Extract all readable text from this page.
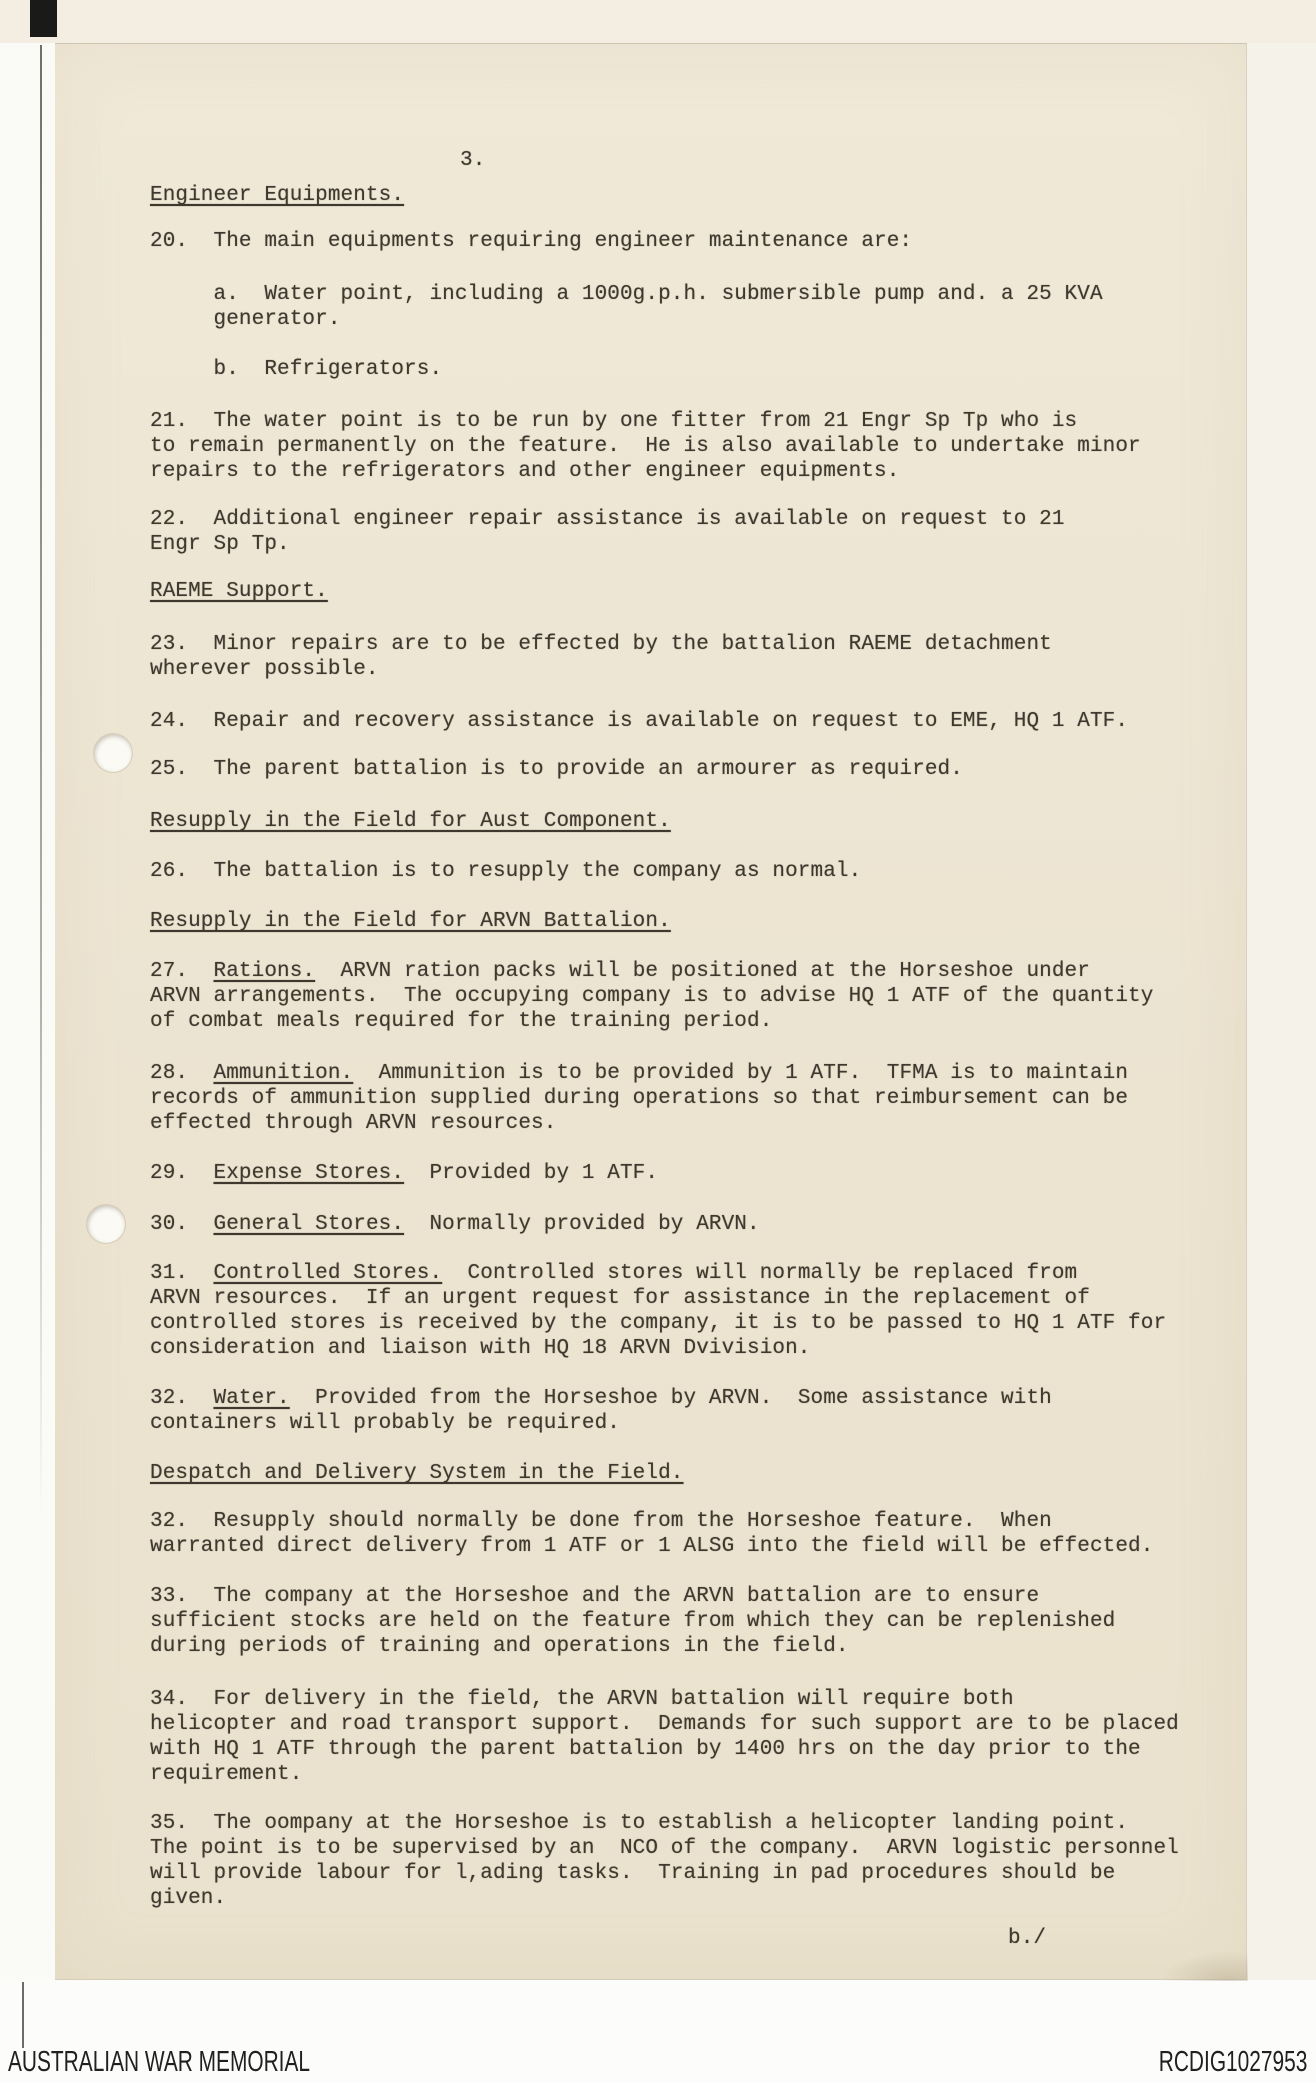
3.
Engineer Equipments.
20.  The main equipments requiring engineer maintenance are:
a.  Water point, including a 1000g.p.h. submersible pump and. a 25 KVA
generator.
b.  Refrigerators.
21.  The water point is to be run by one fitter from 21 Engr Sp Tp who is
to remain permanently on the feature.  He is also available to undertake minor
repairs to the refrigerators and other engineer equipments.
22.  Additional engineer repair assistance is available on request to 21
Engr Sp Tp.
RAEME Support.
23.  Minor repairs are to be effected by the battalion RAEME detachment
wherever possible.
24.  Repair and recovery assistance is available on request to EME, HQ 1 ATF.
25.  The parent battalion is to provide an armourer as required.
Resupply in the Field for Aust Component.
26.  The battalion is to resupply the company as normal.
Resupply in the Field for ARVN Battalion.
27.  Rations.  ARVN ration packs will be positioned at the Horseshoe under
ARVN arrangements.  The occupying company is to advise HQ 1 ATF of the quantity
of combat meals required for the training period.
28.  Ammunition.  Ammunition is to be provided by 1 ATF.  TFMA is to maintain
records of ammunition supplied during operations so that reimbursement can be
effected through ARVN resources.
29.  Expense Stores.  Provided by 1 ATF.
30.  General Stores.  Normally provided by ARVN.
31.  Controlled Stores.  Controlled stores will normally be replaced from
ARVN resources.  If an urgent request for assistance in the replacement of
controlled stores is received by the company, it is to be passed to HQ 1 ATF for
consideration and liaison with HQ 18 ARVN Dvivision.
32.  Water.  Provided from the Horseshoe by ARVN.  Some assistance with
containers will probably be required.
Despatch and Delivery System in the Field.
32.  Resupply should normally be done from the Horseshoe feature.  When
warranted direct delivery from 1 ATF or 1 ALSG into the field will be effected.
33.  The company at the Horseshoe and the ARVN battalion are to ensure
sufficient stocks are held on the feature from which they can be replenished
during periods of training and operations in the field.
34.  For delivery in the field, the ARVN battalion will require both
helicopter and road transport support.  Demands for such support are to be placed
with HQ 1 ATF through the parent battalion by 1400 hrs on the day prior to the
requirement.
35.  The oompany at the Horseshoe is to establish a helicopter landing point.
The point is to be supervised by an  NCO of the company.  ARVN logistic personnel
will provide labour for l,ading tasks.  Training in pad procedures should be
given.
b./
AUSTRALIAN WAR MEMORIAL	RCDIG1027953
